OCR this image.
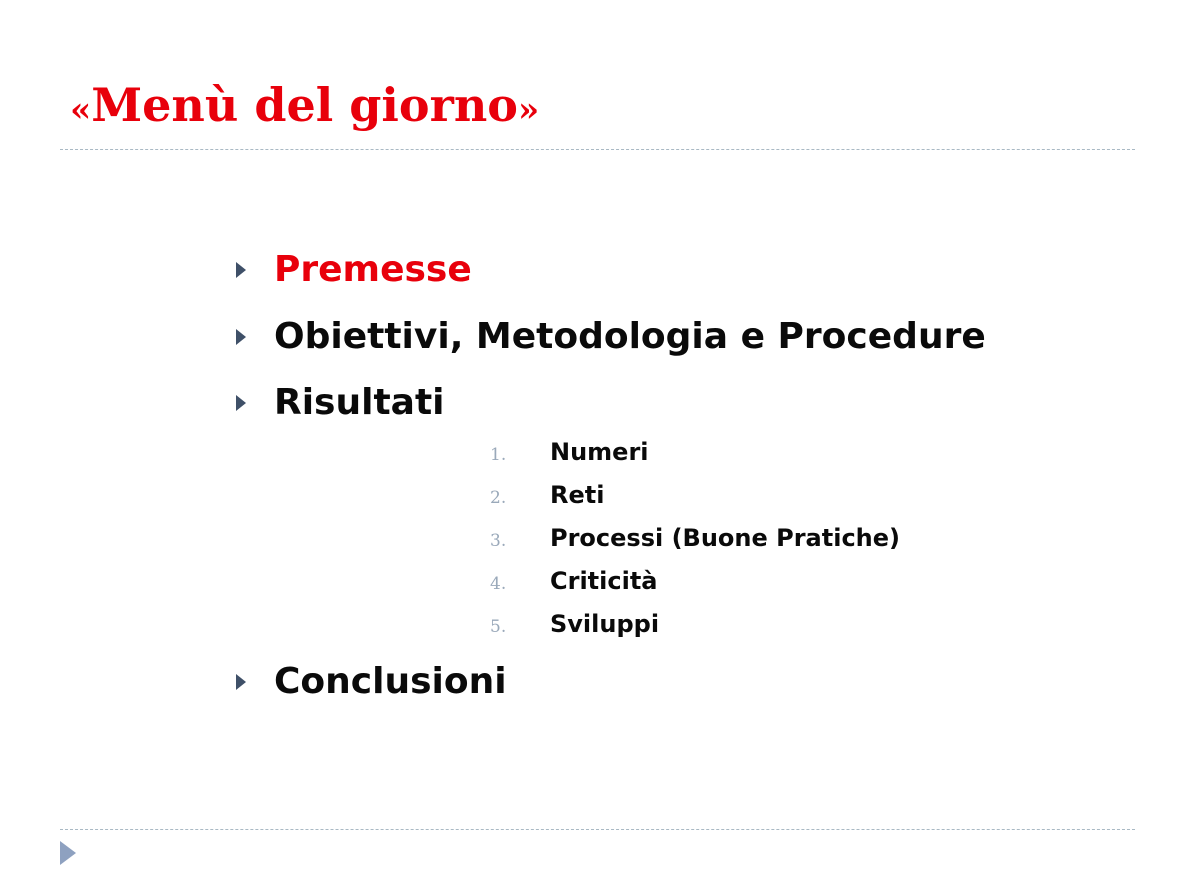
«Menù del giorno»
Premesse
Obiettivi, Metodologia e Procedure
Risultati
Conclusioni
1.	Numeri
2.	Reti
3.	Processi (Buone Pratiche)
4.	Criticità
5.	Sviluppi
